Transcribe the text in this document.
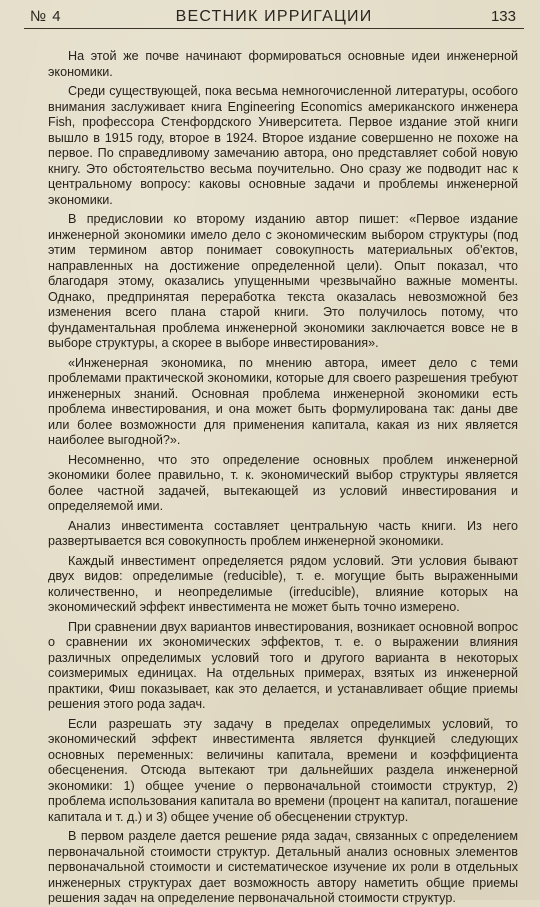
№ 4	ВЕСТНИК ИРРИГАЦИИ	133

На этой же почве начинают формироваться основные идеи инженерной экономики.

Среди существующей, пока весьма немногочисленной литературы, особого внимания заслуживает книга Engineering Economics американского инженера Fish, профессора Стенфордского Университета. Первое издание этой книги вышло в 1915 году, второе в 1924. Второе издание совершенно не похоже на первое. По справедливому замечанию автора, оно представляет собой новую книгу. Это обстоятельство весьма поучительно. Оно сразу же подводит нас к центральному вопросу: каковы основные задачи и проблемы инженерной экономики.

В предисловии ко второму изданию автор пишет: «Первое издание инженерной экономики имело дело с экономическим выбором структуры (под этим термином автор понимает совокупность материальных об'ектов, направленных на достижение определенной цели). Опыт показал, что благодаря этому, оказались упущенными чрезвычайно важные моменты. Однако, предпринятая переработка текста оказалась невозможной без изменения всего плана старой книги. Это получилось потому, что фундаментальная проблема инженерной экономики заключается вовсе не в выборе структуры, а скорее в выборе инвестирования».

«Инженерная экономика, по мнению автора, имеет дело с теми проблемами практической экономики, которые для своего разрешения требуют инженерных знаний. Основная проблема инженерной экономики есть проблема инвестирования, и она может быть формулирована так: даны две или более возможности для применения капитала, какая из них является наиболее выгодной?».

Несомненно, что это определение основных проблем инженерной экономики более правильно, т. к. экономический выбор структуры является более частной задачей, вытекающей из условий инвестирования и определяемой ими.

Анализ инвестимента составляет центральную часть книги. Из него развертывается вся совокупность проблем инженерной экономики.

Каждый инвестимент определяется рядом условий. Эти условия бывают двух видов: определимые (reducible), т. е. могущие быть выраженными количественно, и неопределимые (irreducible), влияние которых на экономический эффект инвестимента не может быть точно измерено.

При сравнении двух вариантов инвестирования, возникает основной вопрос о сравнении их экономических эффектов, т. е. о выражении влияния различных определимых условий того и другого варианта в некоторых соизмеримых единицах. На отдельных примерах, взятых из инженерной практики, Фиш показывает, как это делается, и устанавливает общие приемы решения этого рода задач.

Если разрешать эту задачу в пределах определимых условий, то экономический эффект инвестимента является функцией следующих основных переменных: величины капитала, времени и коэффициента обесценения. Отсюда вытекают три дальнейших раздела инженерной экономики: 1) общее учение о первоначальной стоимости структур, 2) проблема использования капитала во времени (процент на капитал, погашение капитала и т. д.) и 3) общее учение об обесценении структур.

В первом разделе дается решение ряда задач, связанных с определением первоначальной стоимости структур. Детальный анализ основных элементов первоначальной стоимости и систематическое изучение их роли в отдельных инженерных структурах дает возможность автору наметить общие приемы решения задач на определение первоначальной стоимости структур.
